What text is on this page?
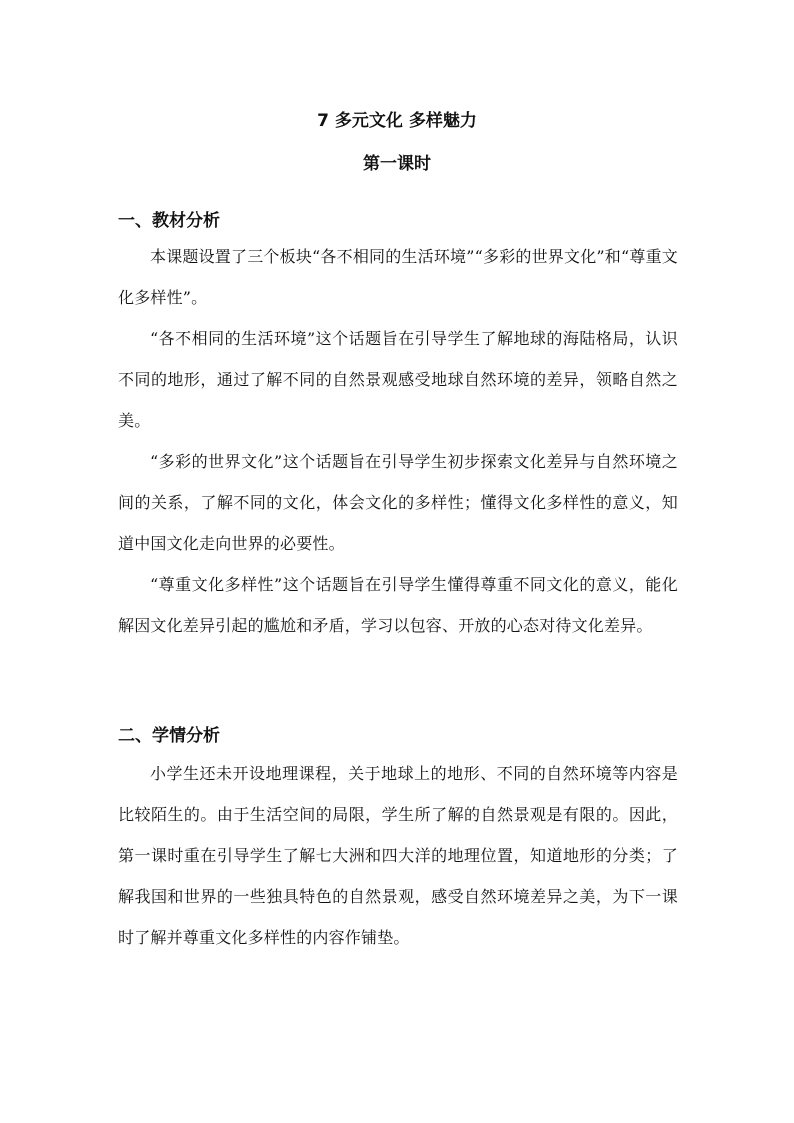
7 多元文化 多样魅力
第一课时
一、教材分析

本课题设置了三个板块“各不相同的生活环境”“多彩的世界文化”和“尊重文化多样性”。

“各不相同的生活环境”这个话题旨在引导学生了解地球的海陆格局，认识不同的地形，通过了解不同的自然景观感受地球自然环境的差异，领略自然之美。

“多彩的世界文化”这个话题旨在引导学生初步探索文化差异与自然环境之间的关系，了解不同的文化，体会文化的多样性；懂得文化多样性的意义，知道中国文化走向世界的必要性。

“尊重文化多样性”这个话题旨在引导学生懂得尊重不同文化的意义，能化解因文化差异引起的尴尬和矛盾，学习以包容、开放的心态对待文化差异。

二、学情分析

小学生还未开设地理课程，关于地球上的地形、不同的自然环境等内容是比较陌生的。由于生活空间的局限，学生所了解的自然景观是有限的。因此，第一课时重在引导学生了解七大洲和四大洋的地理位置，知道地形的分类；了解我国和世界的一些独具特色的自然景观，感受自然环境差异之美，为下一课时了解并尊重文化多样性的内容作铺垫。
